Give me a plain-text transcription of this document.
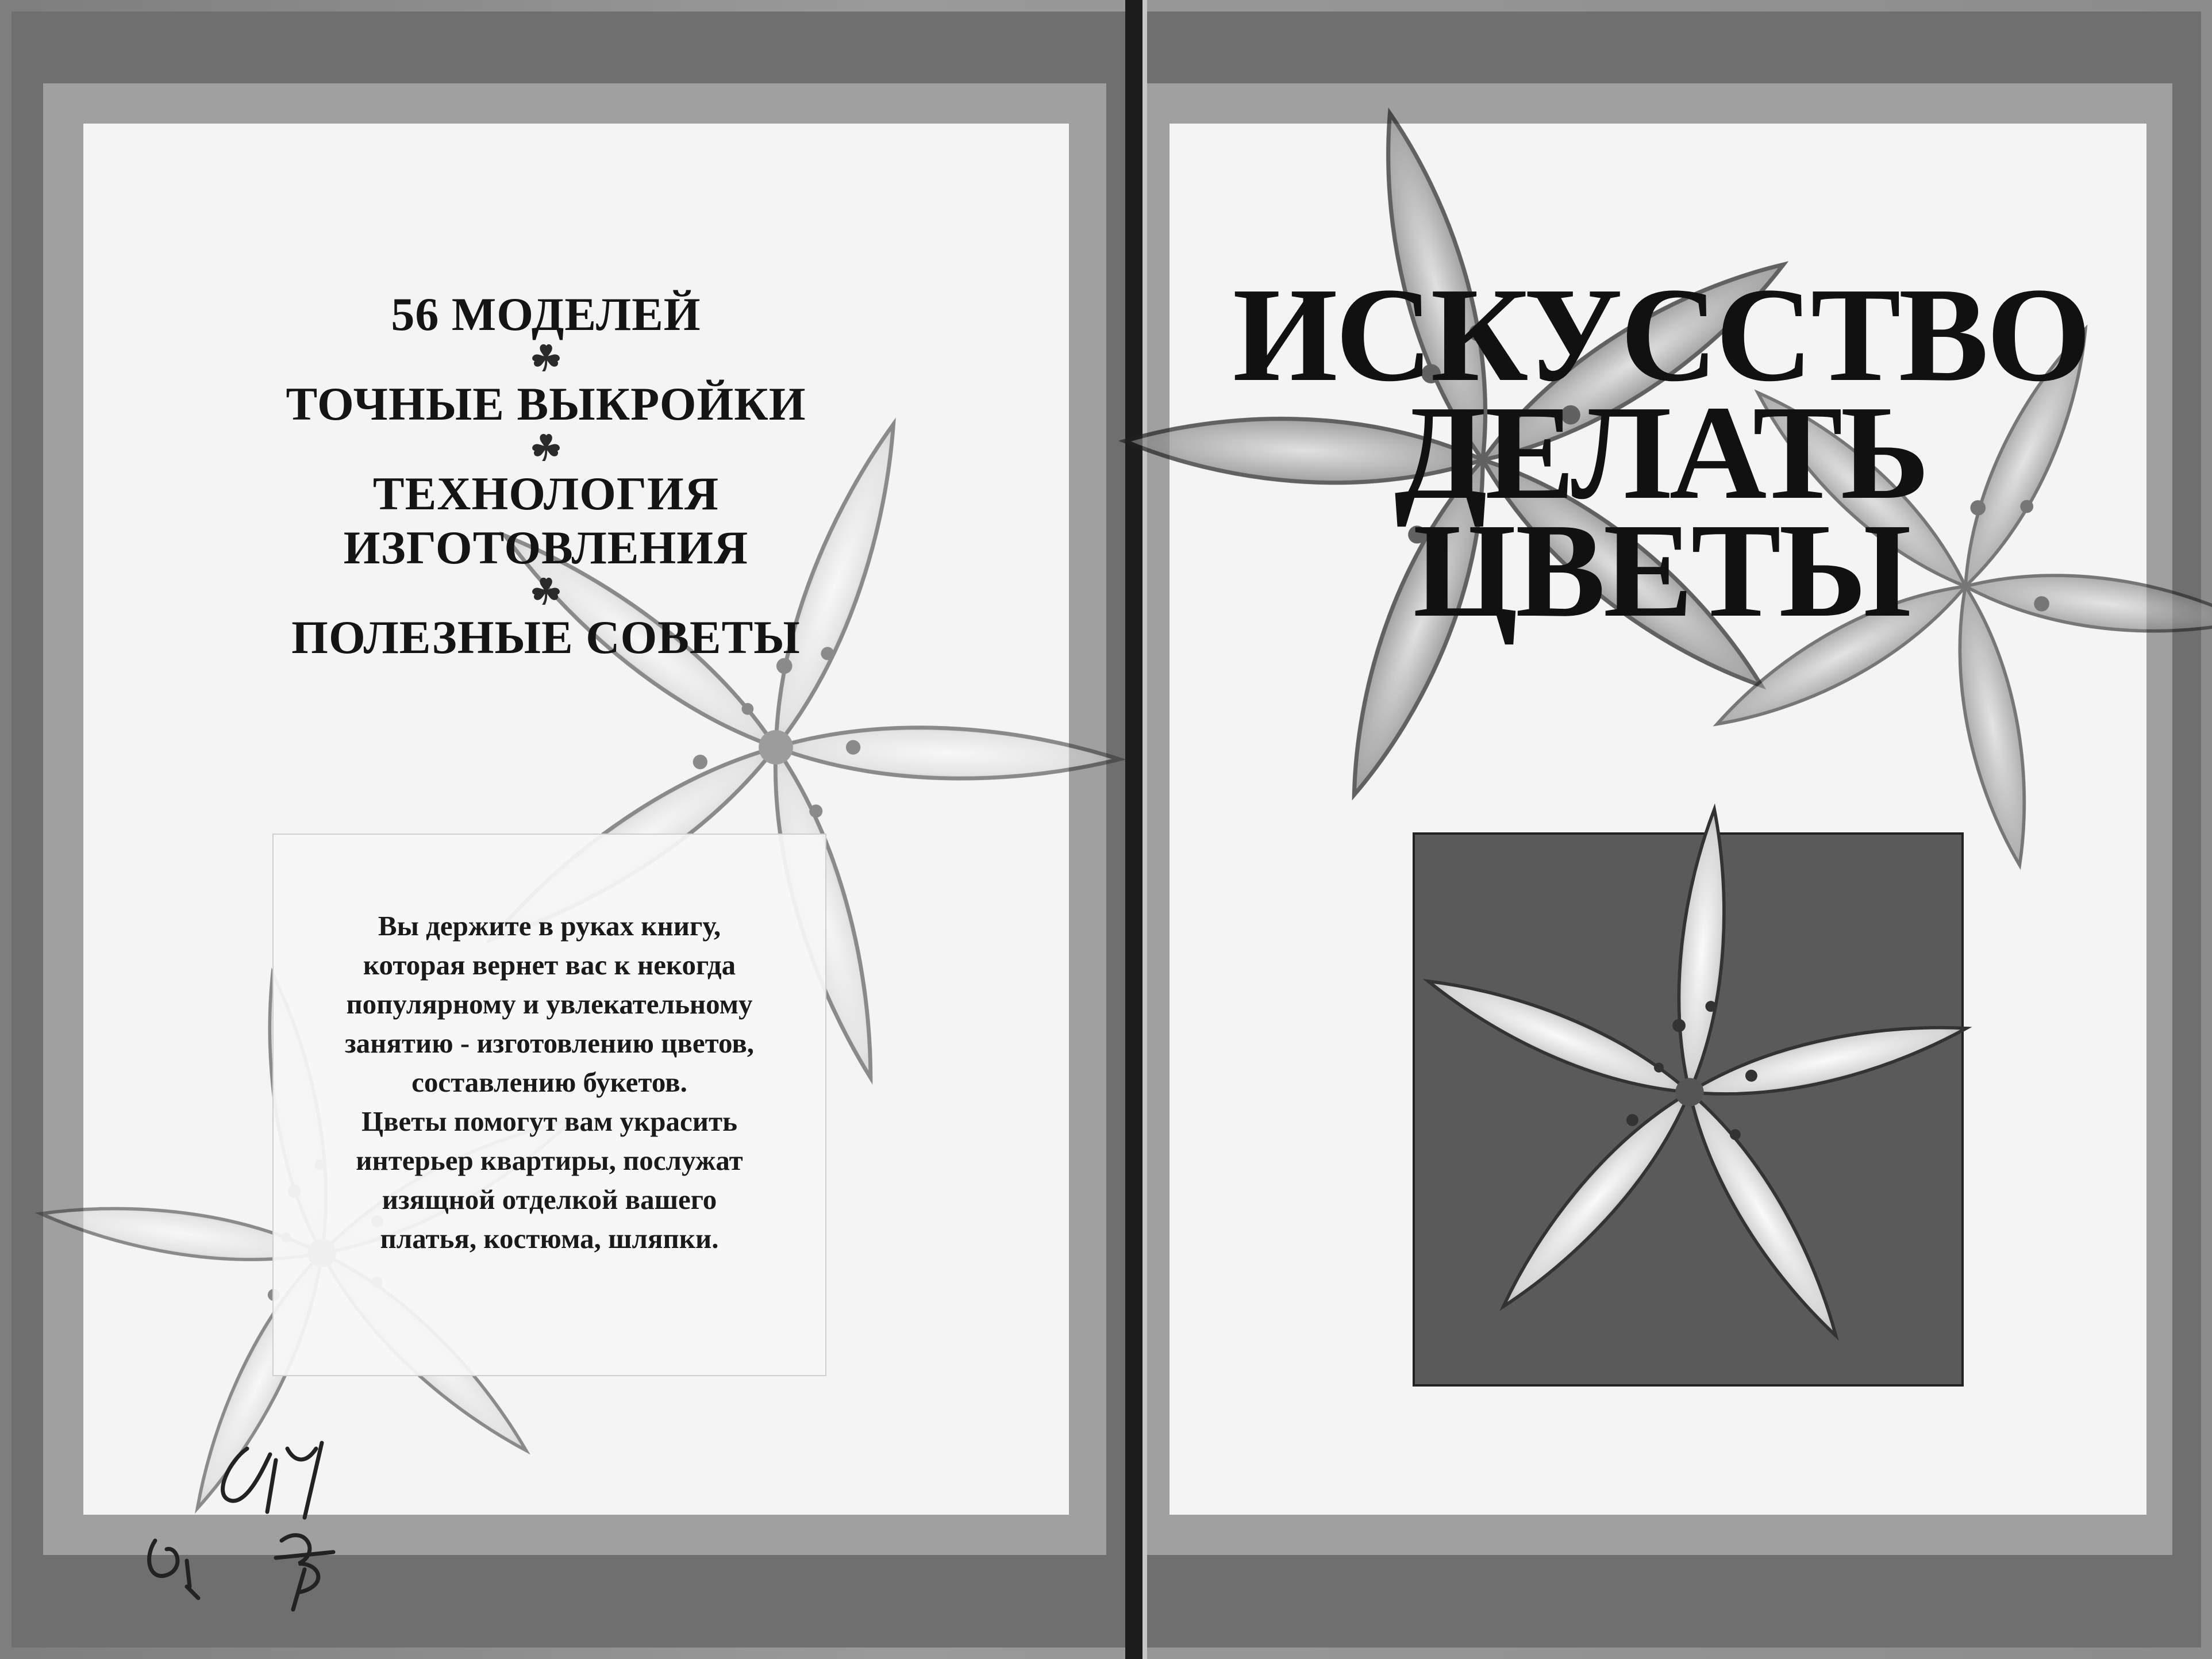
56 МОДЕЛЕЙ
☘
ТОЧНЫЕ ВЫКРОЙКИ
☘
ТЕХНОЛОГИЯ ИЗГОТОВЛЕНИЯ
☘
ПОЛЕЗНЫЕ СОВЕТЫ
Вы держите в руках книгу,
которая вернет вас к некогда
популярному и увлекательному
занятию - изготовлению цветов,
составлению букетов.
Цветы помогут вам украсить
интерьер квартиры, послужат
изящной отделкой вашего
платья, костюма, шляпки.
ИСКУССТВО
ДЕЛАТЬ
ЦВЕТЫ
